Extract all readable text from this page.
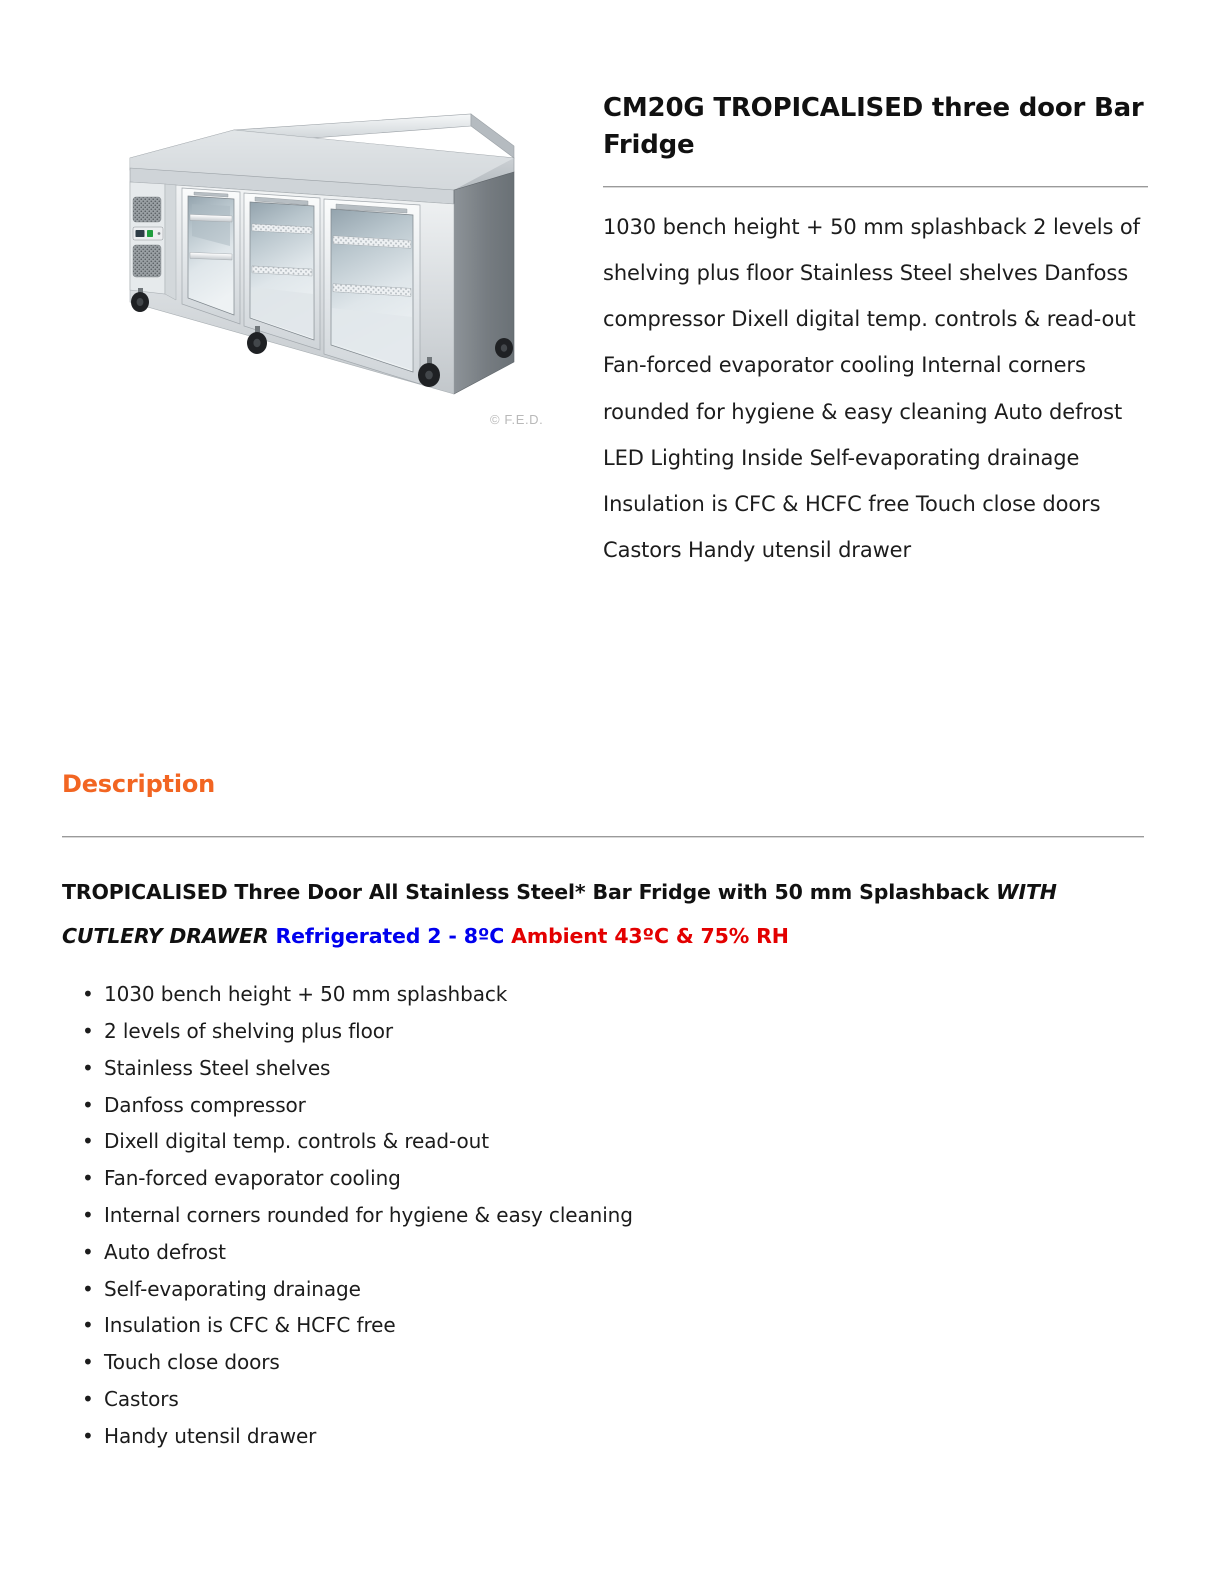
© F.E.D.
CM20G TROPICALISED three door Bar Fridge

1030 bench height + 50 mm splashback 2 levels of shelving plus floor Stainless Steel shelves Danfoss compressor Dixell digital temp. controls & read-out Fan-forced evaporator cooling Internal corners rounded for hygiene & easy cleaning Auto defrost LED Lighting Inside Self-evaporating drainage Insulation is CFC & HCFC free Touch close doors Castors Handy utensil drawer

Description

TROPICALISED Three Door All Stainless Steel* Bar Fridge with 50 mm Splashback WITH CUTLERY DRAWER Refrigerated 2 - 8ºC Ambient 43ºC & 75% RH

• 1030 bench height + 50 mm splashback
• 2 levels of shelving plus floor
• Stainless Steel shelves
• Danfoss compressor
• Dixell digital temp. controls & read-out
• Fan-forced evaporator cooling
• Internal corners rounded for hygiene & easy cleaning
• Auto defrost
• Self-evaporating drainage
• Insulation is CFC & HCFC free
• Touch close doors
• Castors
• Handy utensil drawer
